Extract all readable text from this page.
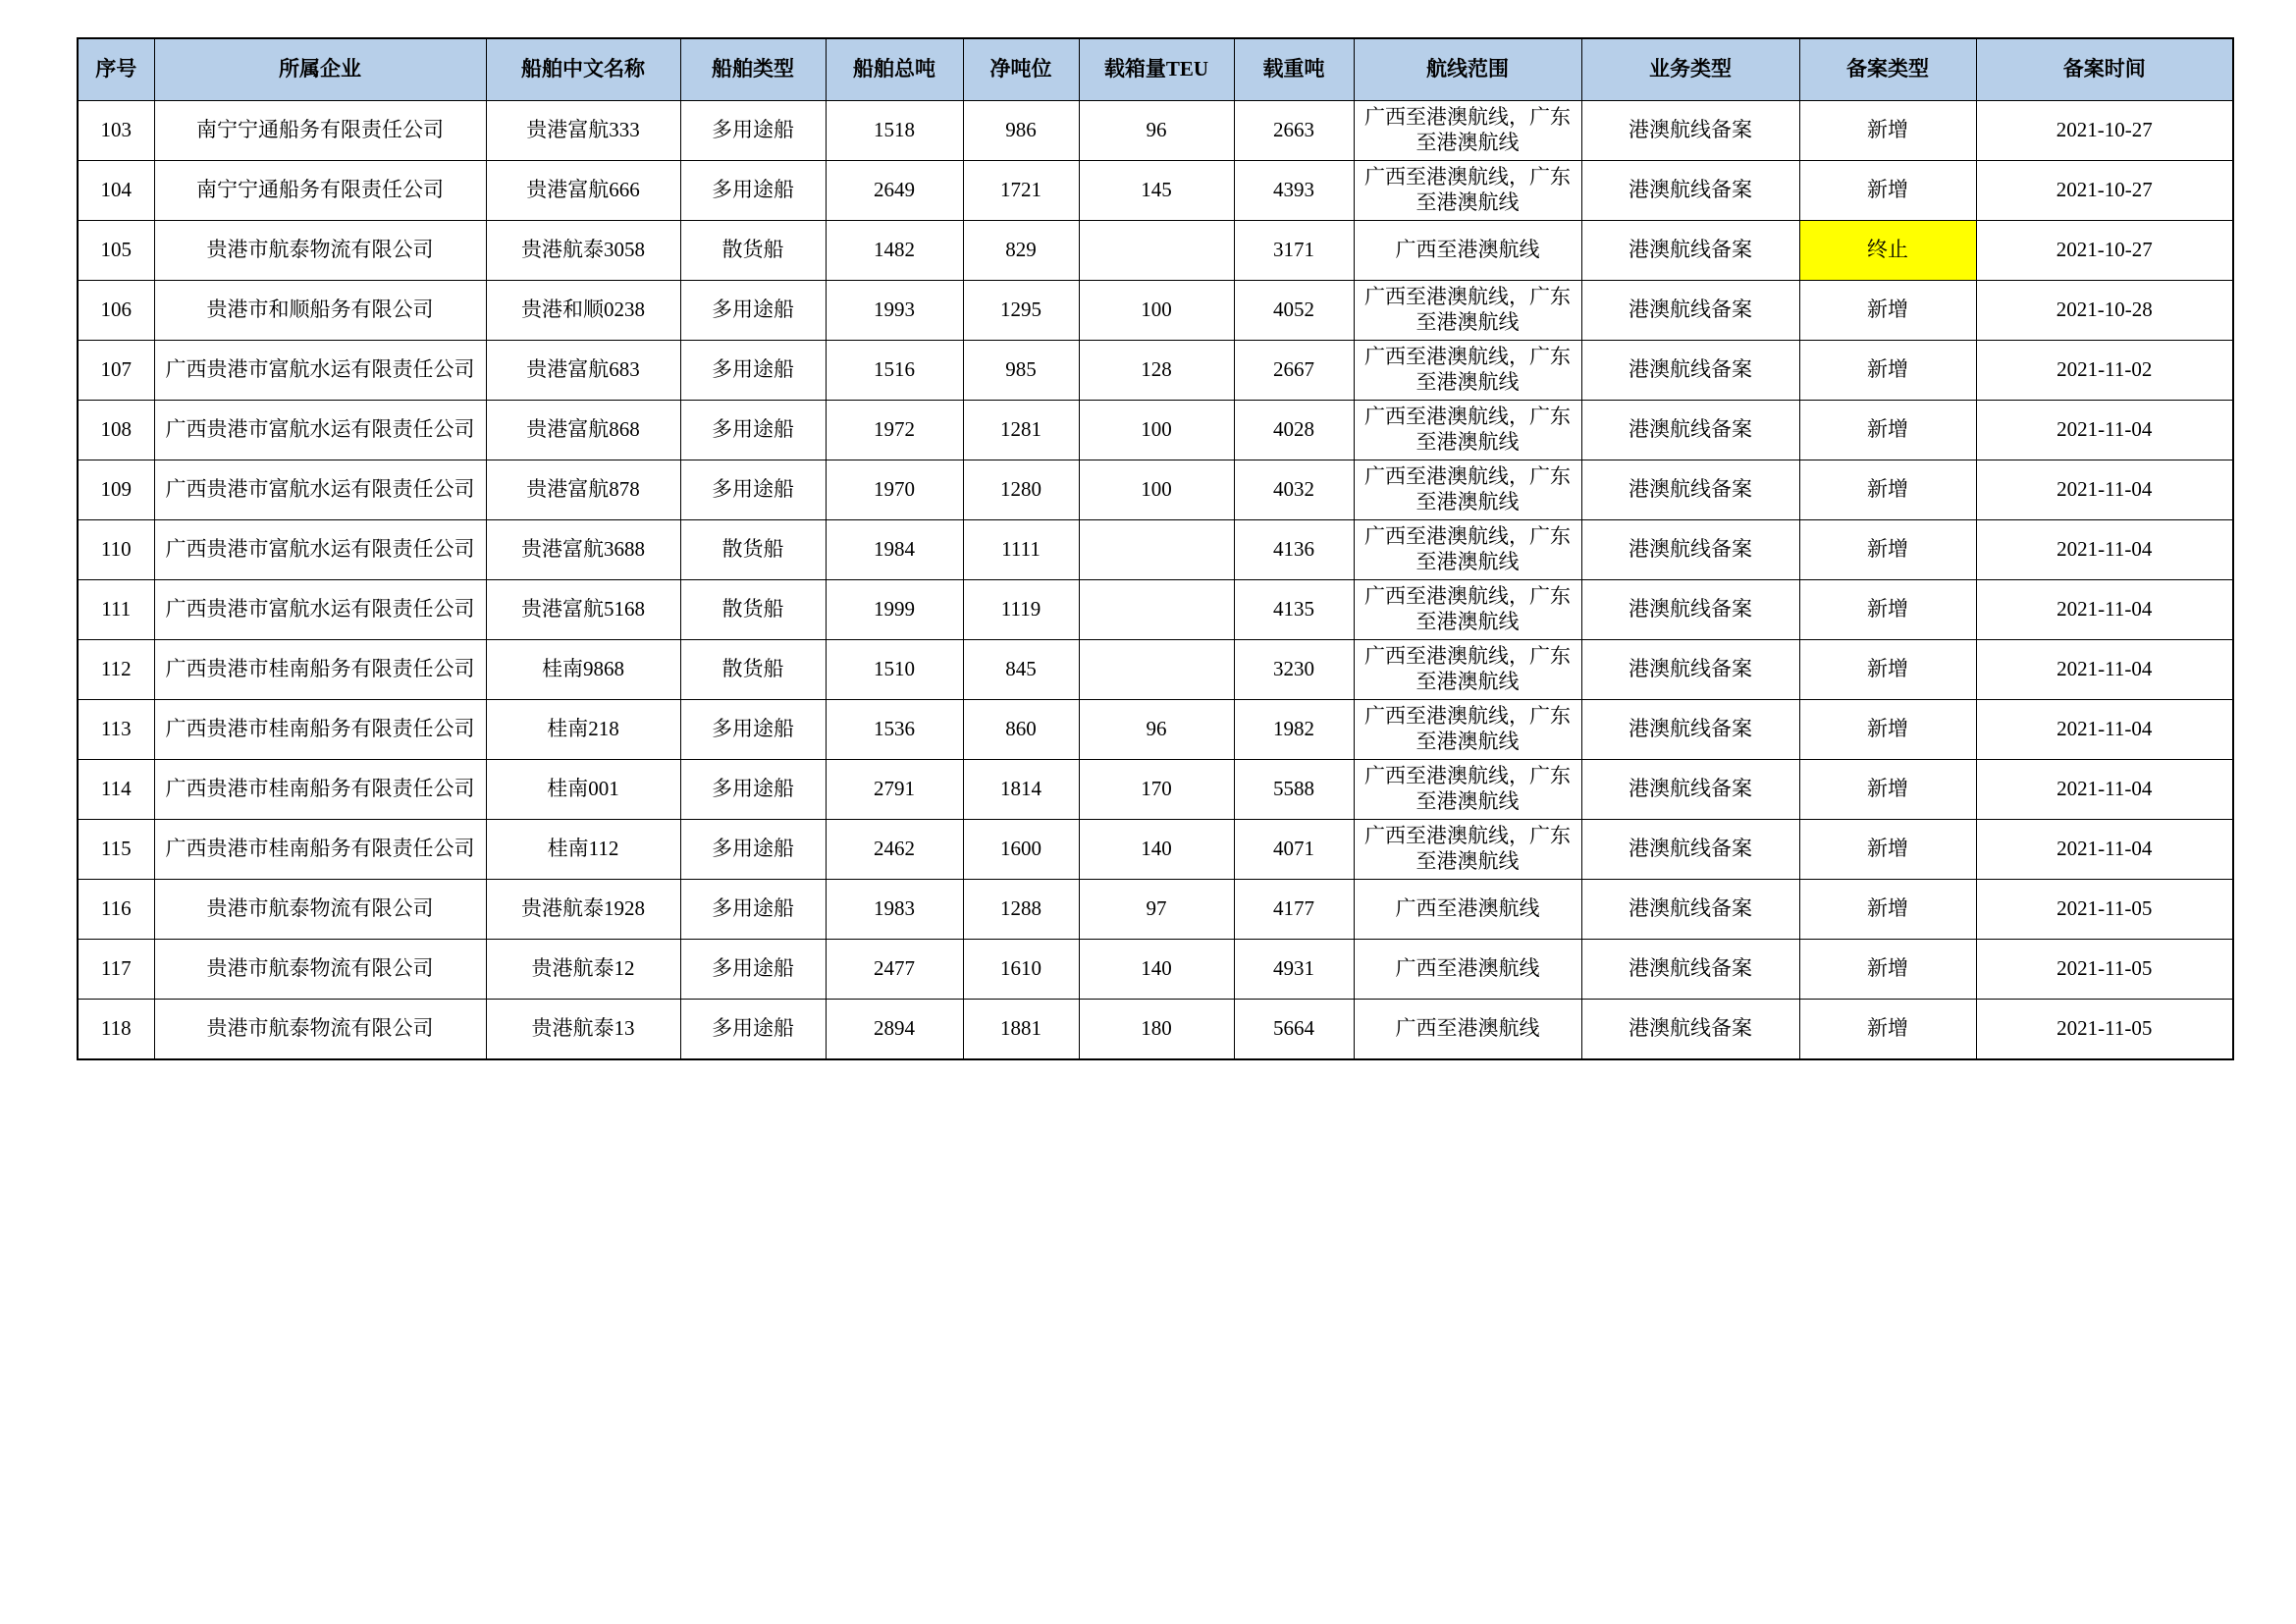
序号	所属企业	船舶中文名称	船舶类型	船舶总吨	净吨位	载箱量TEU	载重吨	航线范围	业务类型	备案类型	备案时间
103	南宁宁通船务有限责任公司	贵港富航333	多用途船	1518	986	96	2663	广西至港澳航线，广东至港澳航线	港澳航线备案	新增	2021-10-27
104	南宁宁通船务有限责任公司	贵港富航666	多用途船	2649	1721	145	4393	广西至港澳航线，广东至港澳航线	港澳航线备案	新增	2021-10-27
105	贵港市航泰物流有限公司	贵港航泰3058	散货船	1482	829		3171	广西至港澳航线	港澳航线备案	终止	2021-10-27
106	贵港市和顺船务有限公司	贵港和顺0238	多用途船	1993	1295	100	4052	广西至港澳航线，广东至港澳航线	港澳航线备案	新增	2021-10-28
107	广西贵港市富航水运有限责任公司	贵港富航683	多用途船	1516	985	128	2667	广西至港澳航线，广东至港澳航线	港澳航线备案	新增	2021-11-02
108	广西贵港市富航水运有限责任公司	贵港富航868	多用途船	1972	1281	100	4028	广西至港澳航线，广东至港澳航线	港澳航线备案	新增	2021-11-04
109	广西贵港市富航水运有限责任公司	贵港富航878	多用途船	1970	1280	100	4032	广西至港澳航线，广东至港澳航线	港澳航线备案	新增	2021-11-04
110	广西贵港市富航水运有限责任公司	贵港富航3688	散货船	1984	1111		4136	广西至港澳航线，广东至港澳航线	港澳航线备案	新增	2021-11-04
111	广西贵港市富航水运有限责任公司	贵港富航5168	散货船	1999	1119		4135	广西至港澳航线，广东至港澳航线	港澳航线备案	新增	2021-11-04
112	广西贵港市桂南船务有限责任公司	桂南9868	散货船	1510	845		3230	广西至港澳航线，广东至港澳航线	港澳航线备案	新增	2021-11-04
113	广西贵港市桂南船务有限责任公司	桂南218	多用途船	1536	860	96	1982	广西至港澳航线，广东至港澳航线	港澳航线备案	新增	2021-11-04
114	广西贵港市桂南船务有限责任公司	桂南001	多用途船	2791	1814	170	5588	广西至港澳航线，广东至港澳航线	港澳航线备案	新增	2021-11-04
115	广西贵港市桂南船务有限责任公司	桂南112	多用途船	2462	1600	140	4071	广西至港澳航线，广东至港澳航线	港澳航线备案	新增	2021-11-04
116	贵港市航泰物流有限公司	贵港航泰1928	多用途船	1983	1288	97	4177	广西至港澳航线	港澳航线备案	新增	2021-11-05
117	贵港市航泰物流有限公司	贵港航泰12	多用途船	2477	1610	140	4931	广西至港澳航线	港澳航线备案	新增	2021-11-05
118	贵港市航泰物流有限公司	贵港航泰13	多用途船	2894	1881	180	5664	广西至港澳航线	港澳航线备案	新增	2021-11-05
